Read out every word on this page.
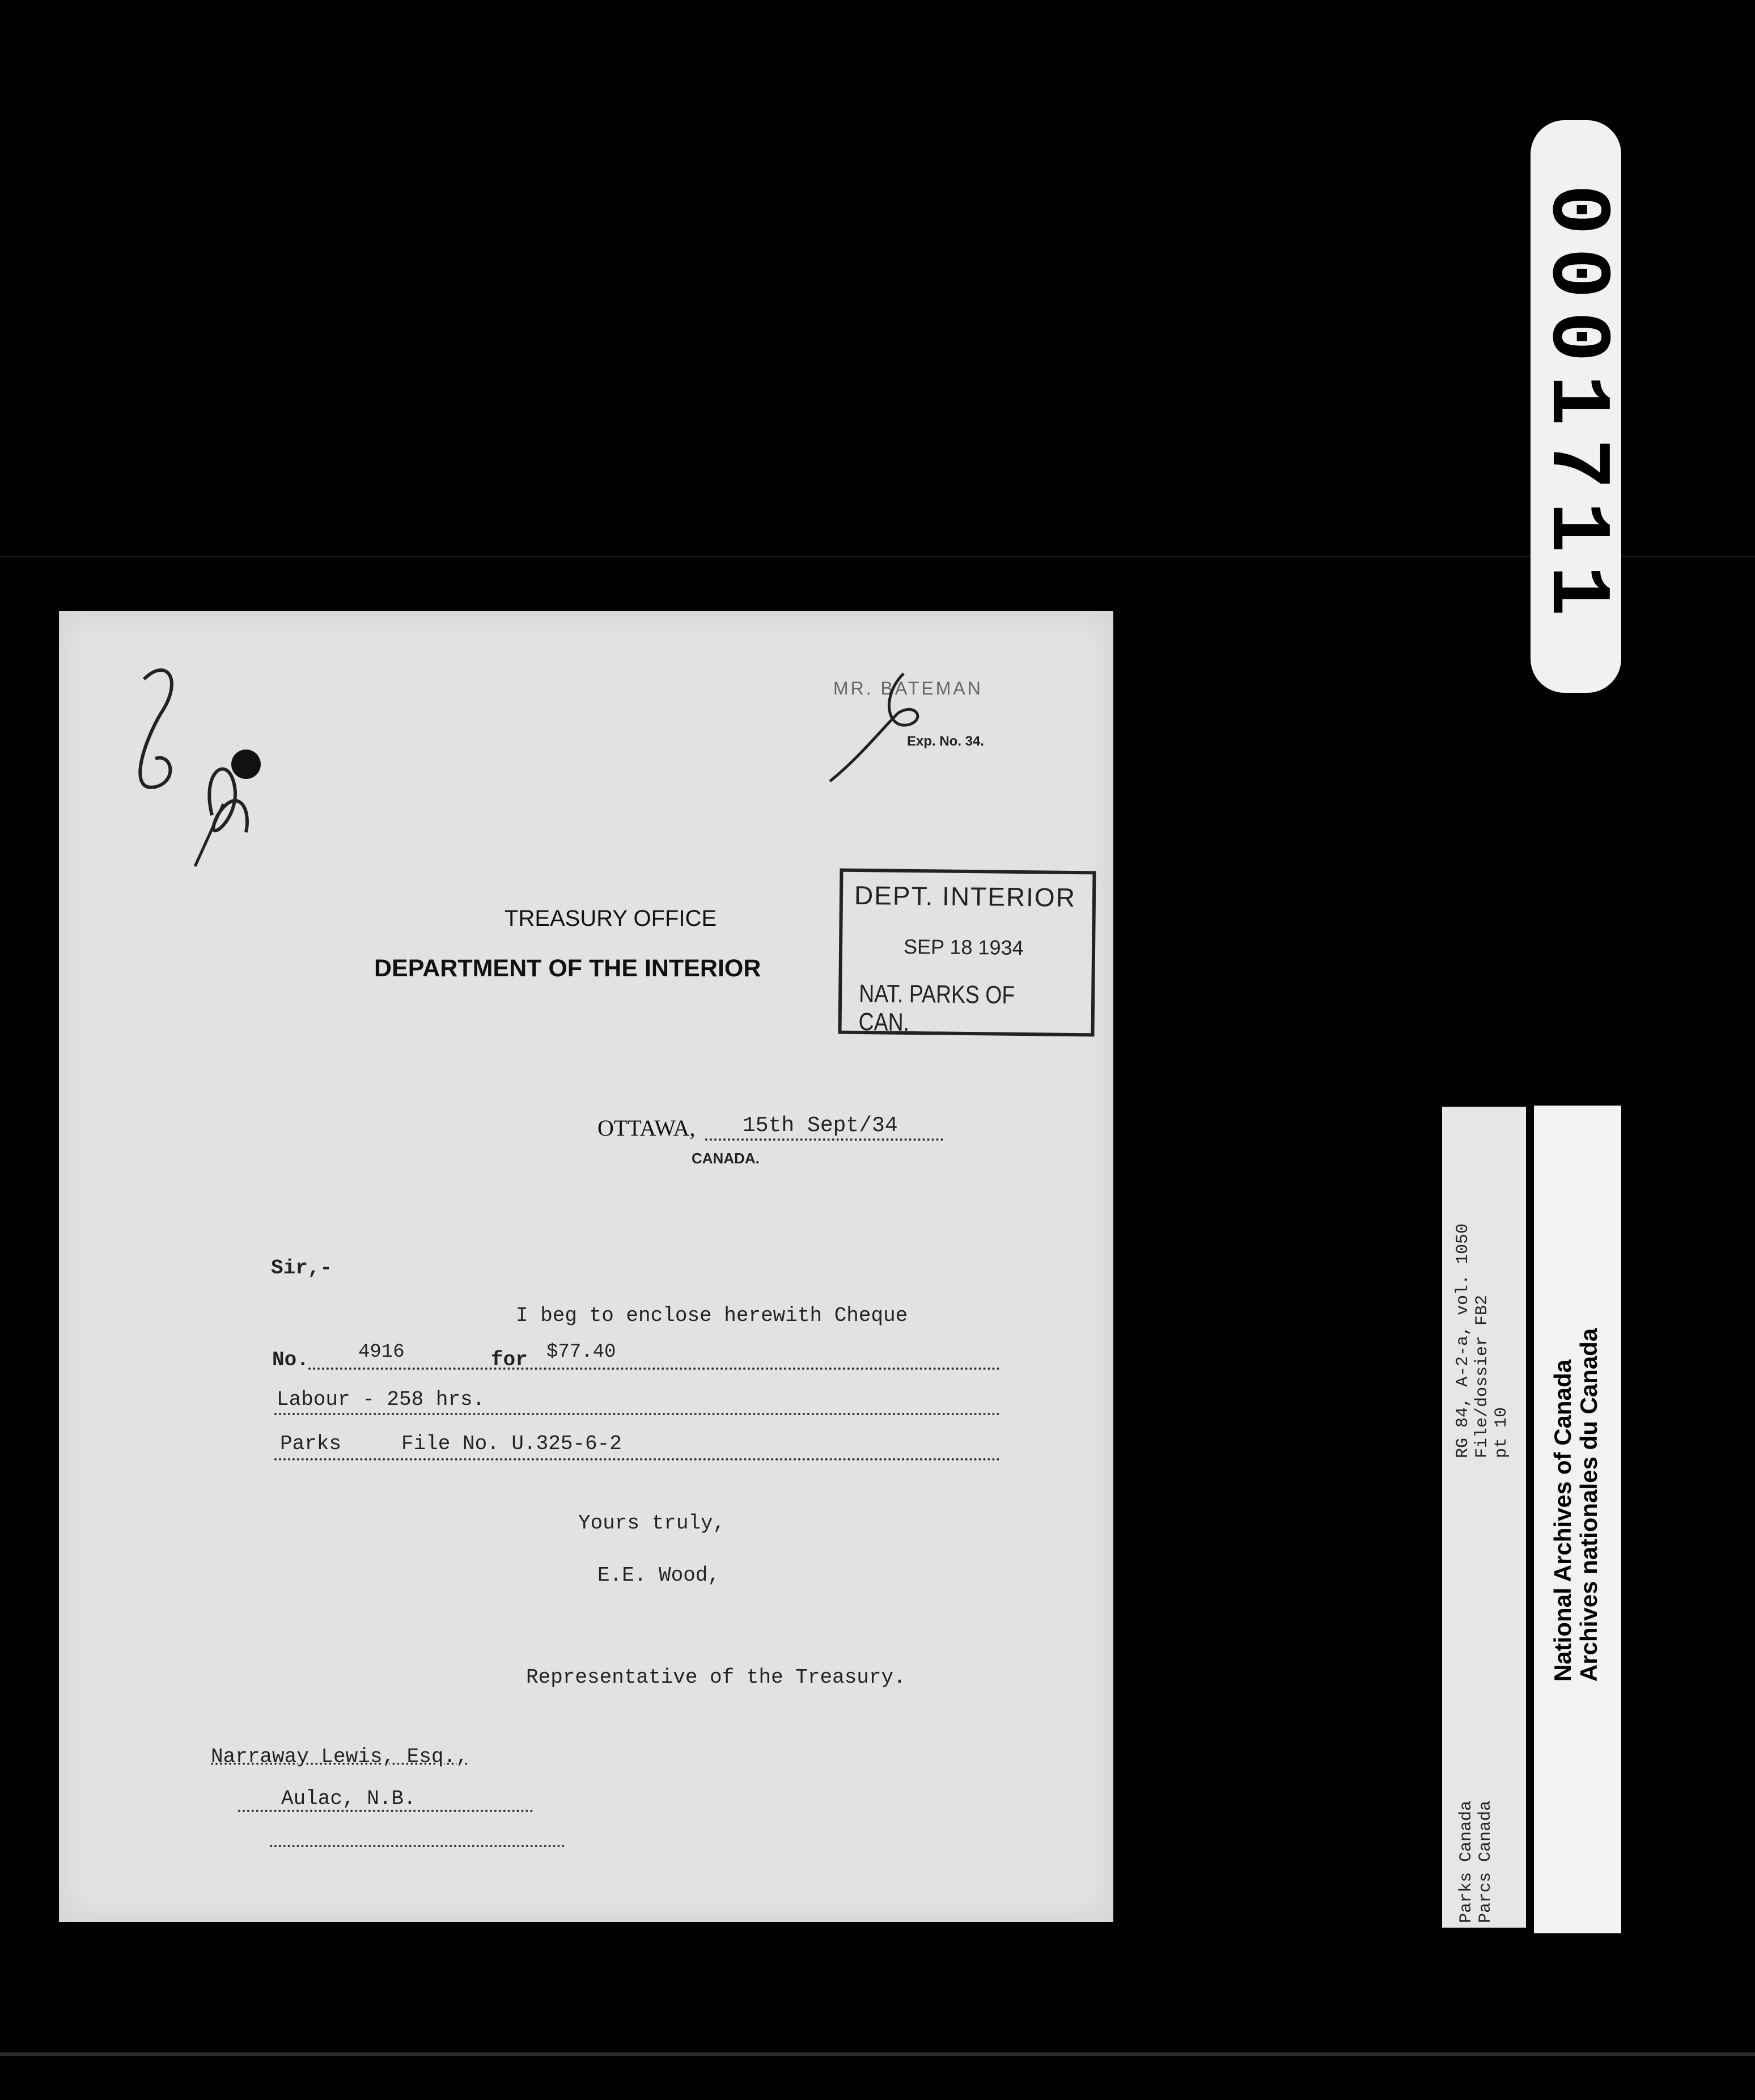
MR. BATEMAN
Exp. No. 34.
TREASURY OFFICE
DEPARTMENT OF THE INTERIOR
DEPT. INTERIOR
SEP 18 1934
NAT. PARKS OF CAN.
OTTAWA, 15th Sept/34
CANADA.
Sir,-
I beg to enclose herewith Cheque
No.	4916	for $77.40
Labour - 258 hrs.
Parks	File No. U.325-6-2
Yours truly,
E.E. Wood,
Representative of the Treasury.
Narraway Lewis, Esq.,
Aulac, N.B.
0001711
RG 84, A-2-a, vol. 1050 File/dossier FB2 pt 10
Parks Canada Parcs Canada
National Archives of Canada Archives nationales du Canada
